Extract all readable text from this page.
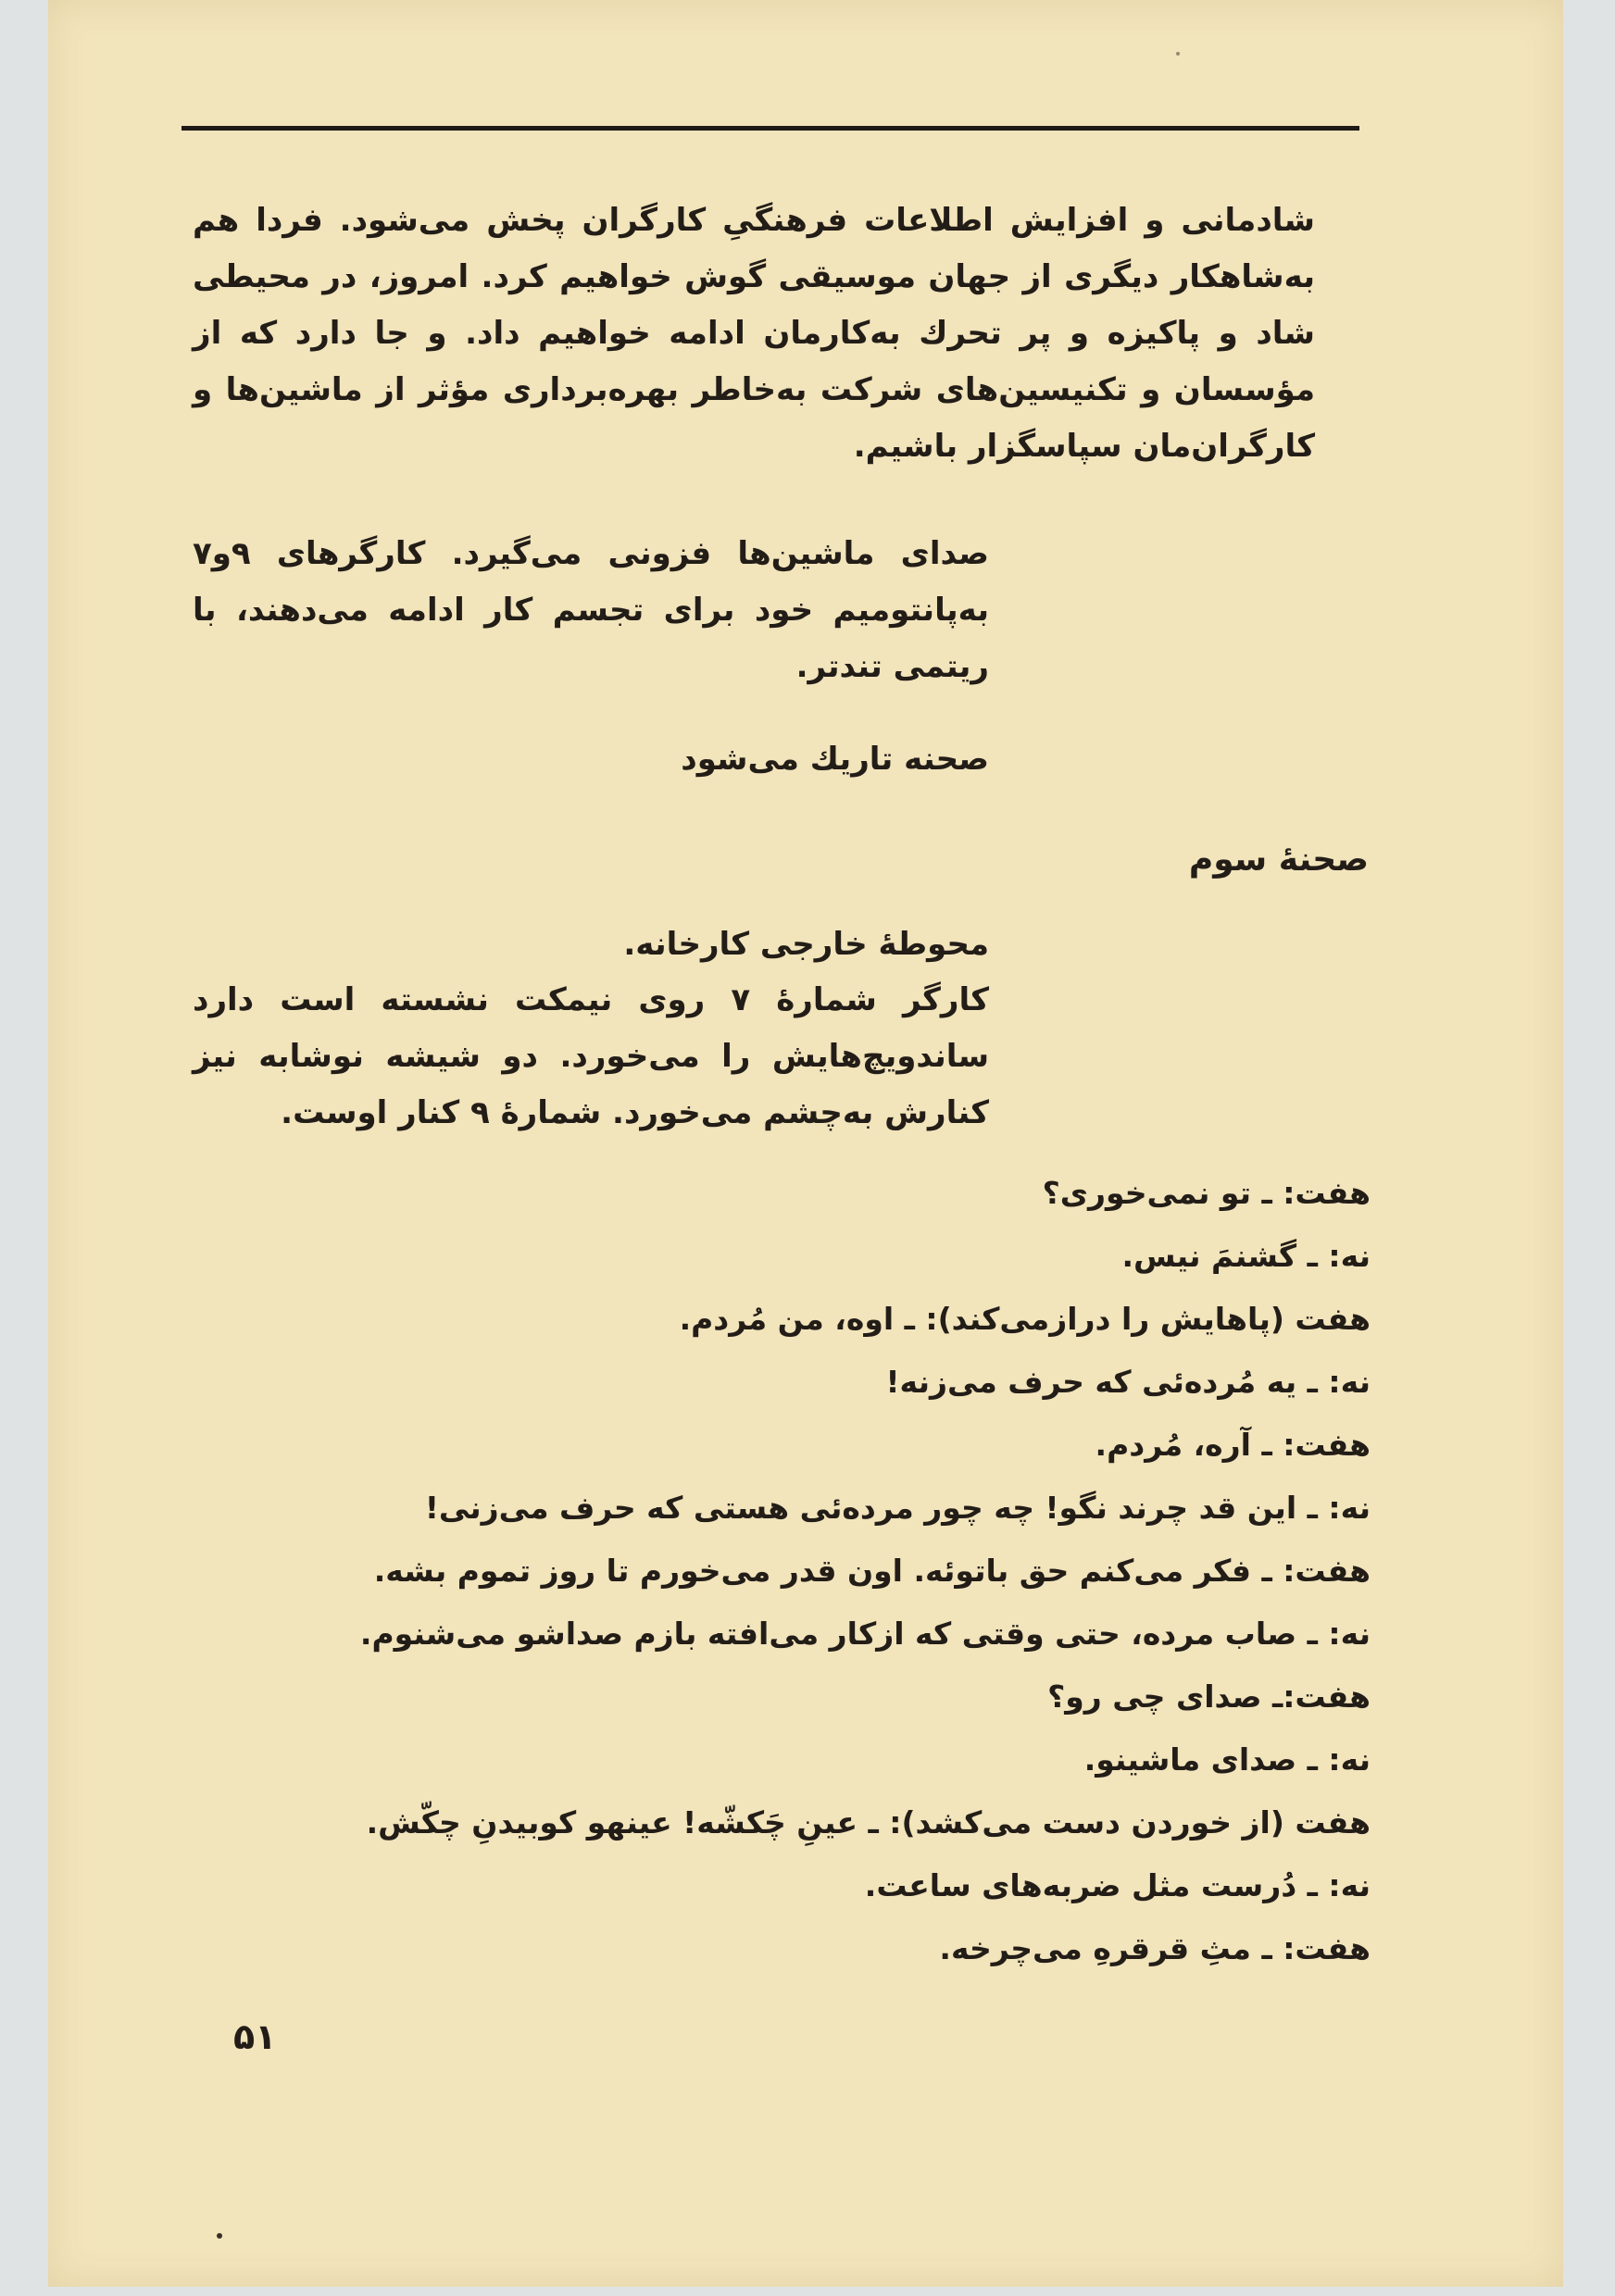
شادمانی و افزایش اطلاعات فرهنگیِ کارگران پخش می‌شود. فردا هم به‌شاهکار دیگری از جهان موسیقی گوش خواهیم کرد. امروز، در محیطی شاد و پاکیزه و پر تحرك به‌کارمان ادامه خواهیم داد. و جا دارد که از مؤسسان و تکنیسین‌های شرکت به‌خاطر بهره‌برداری مؤثر از ماشین‌ها و کارگران‌مان سپاسگزار باشیم.
صدای ماشین‌ها فزونی می‌گیرد. کارگرهای ۹و۷ به‌پانتومیم خود برای تجسم کار ادامه می‌دهند، با ریتمی تندتر.
صحنه تاریك می‌شود
صحنهٔ سوم
محوطهٔ خارجی کارخانه.
کارگر شمارهٔ ۷ روی نیمکت نشسته است دارد ساندویچ‌هایش را می‌خورد. دو شیشه نوشابه نیز کنارش به‌چشم می‌خورد. شمارهٔ ۹ کنار اوست.
هفت: ـ تو نمی‌خوری؟
نه: ـ گشنمَ نیس.
هفت (پاهایش را درازمی‌کند): ـ اوه، من مُردم.
نه: ـ یه مُرده‌ئی که حرف می‌زنه!
هفت: ـ آره، مُردم.
نه: ـ این قد چرند نگو! چه چور مرده‌ئی هستی که حرف می‌زنی!
هفت: ـ فکر می‌کنم حق باتوئه. اون قدر می‌خورم تا روز تموم بشه.
نه: ـ صاب مرده، حتی وقتی که ازکار می‌افته بازم صداشو می‌شنوم.
هفت:ـ صدای چی رو؟
نه: ـ صدای ماشینو.
هفت (از خوردن دست می‌کشد): ـ عینِ چَکشّه! عینهو کوبیدنِ چکّش.
نه: ـ دُرست مثل ضربه‌های ساعت.
هفت: ـ مثِ قرقرهِ می‌چرخه.
۵۱
